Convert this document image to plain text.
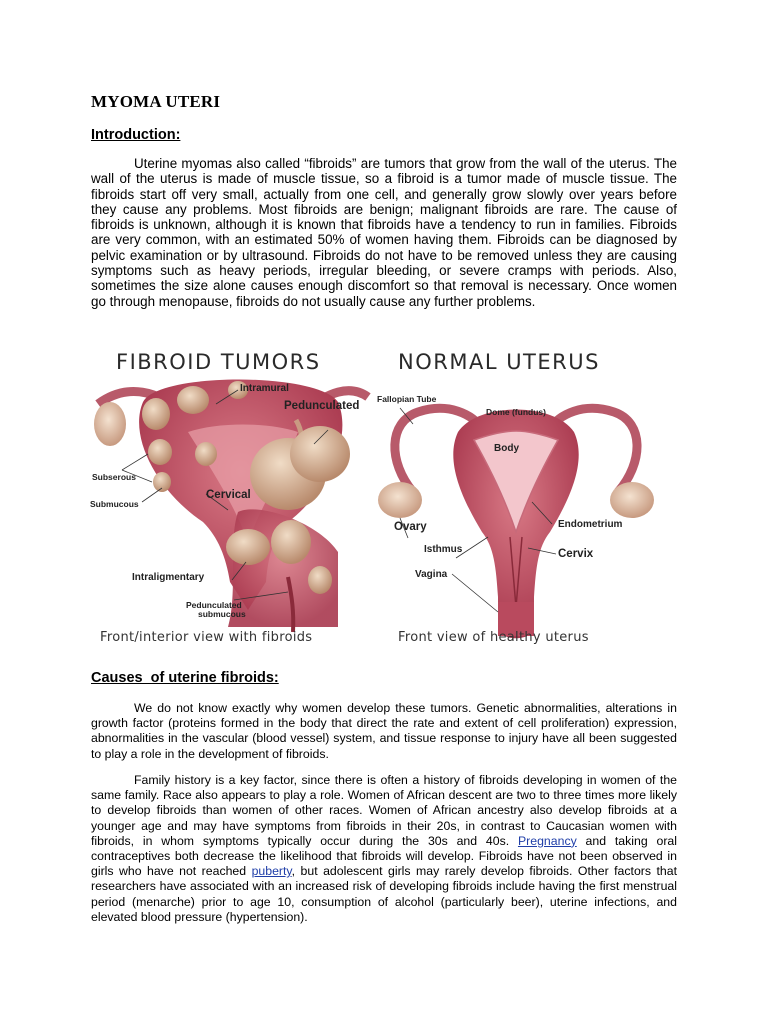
MYOMA UTERI
Introduction:

Uterine myomas also called “fibroids” are tumors that grow from the wall of the uterus. The wall of the uterus is made of muscle tissue, so a fibroid is a tumor made of muscle tissue. The fibroids start off very small, actually from one cell, and generally grow slowly over years before they cause any problems. Most fibroids are benign; malignant fibroids are rare. The cause of fibroids is unknown, although it is known that fibroids have a tendency to run in families. Fibroids are very common, with an estimated 50% of women having them. Fibroids can be diagnosed by pelvic examination or by ultrasound. Fibroids do not have to be removed unless they are causing symptoms such as heavy periods, irregular bleeding, or severe cramps with periods. Also, sometimes the size alone causes enough discomfort so that removal is necessary. Once women go through menopause, fibroids do not usually cause any further problems.

FIBROID TUMORS	NORMAL UTERUS
Intramural
Pedunculated
Subserous
Submucous
Cervical
Intraligmentary
Pedunculated
submucous
Fallopian Tube
Dome (fundus)
Body
Ovary	Endometrium
Isthmus	Cervix
Vagina
Front/interior view with fibroids	Front view of healthy uterus
Causes  of uterine fibroids:

We do not know exactly why women develop these tumors. Genetic abnormalities, alterations in growth factor (proteins formed in the body that direct the rate and extent of cell proliferation) expression, abnormalities in the vascular (blood vessel) system, and tissue response to injury have all been suggested to play a role in the development of fibroids.

Family history is a key factor, since there is often a history of fibroids developing in women of the same family. Race also appears to play a role. Women of African descent are two to three times more likely to develop fibroids than women of other races. Women of African ancestry also develop fibroids at a younger age and may have symptoms from fibroids in their 20s, in contrast to Caucasian women with fibroids, in whom symptoms typically occur during the 30s and 40s. Pregnancy and taking oral contraceptives both decrease the likelihood that fibroids will develop. Fibroids have not been observed in girls who have not reached puberty, but adolescent girls may rarely develop fibroids. Other factors that researchers have associated with an increased risk of developing fibroids include having the first menstrual period (menarche) prior to age 10, consumption of alcohol (particularly beer), uterine infections, and elevated blood pressure (hypertension).
